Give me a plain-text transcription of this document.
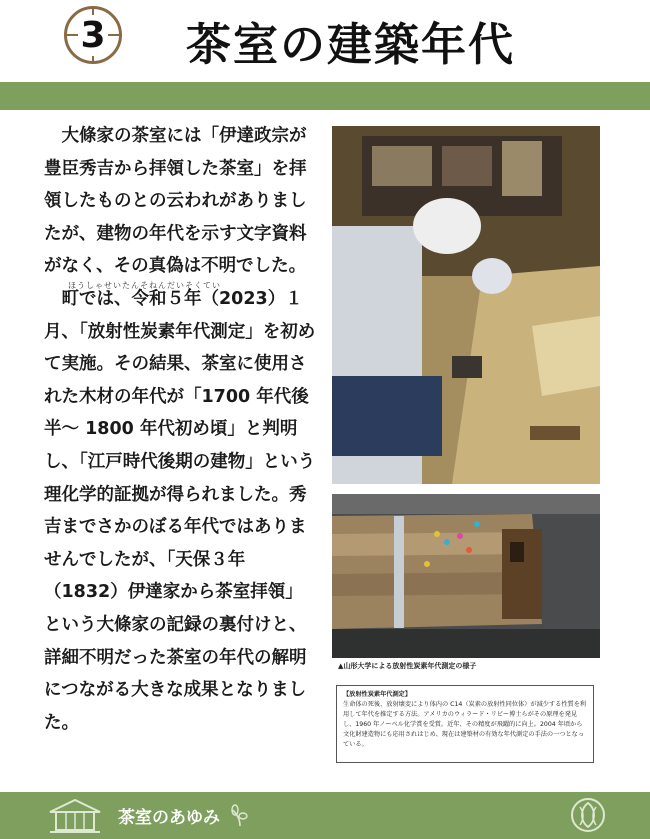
3 茶室の建築年代

大條家の茶室には「伊達政宗が豊臣秀吉から拝領した茶室」を拝領したものとの云われがありましたが、建物の年代を示す文字資料がなく、その真偽は不明でした。

ほうしゃせいたんそねんだいそくてい

町では、令和５年（2023）１月、「放射性炭素年代測定」を初めて実施。その結果、茶室に使用された木材の年代が「1700 年代後半～ 1800 年代初め頃」と判明し、「江戸時代後期の建物」という理化学的証拠が得られました。秀吉までさかのぼる年代ではありませんでしたが、「天保３年（1832）伊達家から茶室拝領」という大條家の記録の裏付けと、詳細不明だった茶室の年代の解明につながる大きな成果となりました。

▲山形大学による放射性炭素年代測定の様子
【放射性炭素年代測定】
生命体の死後、放射壊変により体内の C14（炭素の放射性同位体）が減少する性質を利用して年代を推定する方法。アメリカのウィラード・リビー博士らがその原理を発見し、1960 年ノーベル化学賞を受賞。近年、その精度が飛躍的に向上。2004 年頃から文化財建造物にも応用されはじめ、現在は建築材の有効な年代測定の手法の一つとなっている。
茶室のあゆみ
